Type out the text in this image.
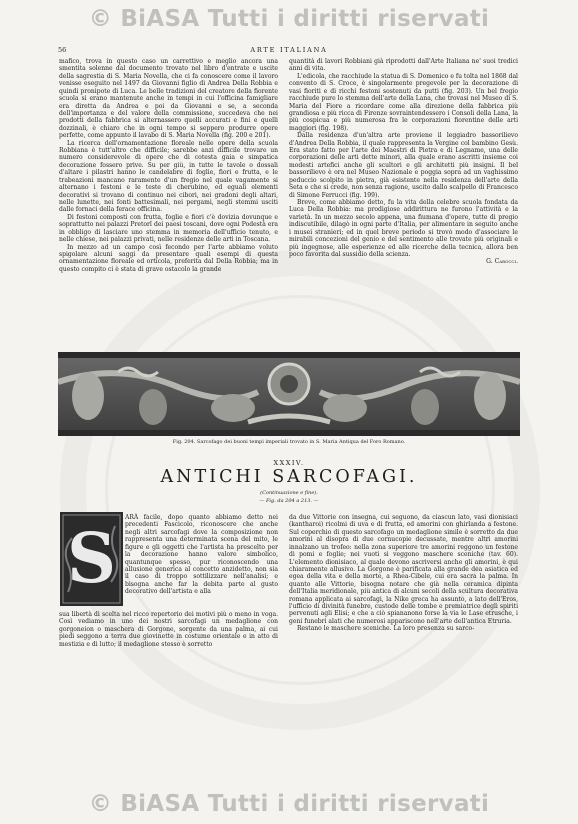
© BiASA Tutti i diritti riservati
56	ARTE ITALIANA

mafico, trova in questo caso un carrettivo e meglio ancora una smentita solenne dal documento trovato nel libro d'entrate e uscite della sagrestia di S. Maria Novella, che ci fa conoscere come il lavoro venisse eseguito nel 1497 da Giovanni figlio di Andrea Della Robbia e quindi pronipote di Luca. Le belle tradizioni del creatore della fiorente scuola si erano mantenute anche in tempi in cui l'officina famigliare era diretta da Andrea e poi da Giovanni e se, a seconda dell'importanza e del valore della commissione, succedeva che nei prodotti della fabbrica si alternassero quelli accurati e fini e quelli dozzinali, è chiaro che in ogni tempo si seppero produrre opere perfette, come appunto il lavabo di S. Maria Novella (fig. 200 e 201).

La ricerca dell'ornamentazione floreale nelle opere della scuola Robbiana è tutt'altro che difficile; sarebbe anzi difficile trovare un numero considerevole di opere che di cotesta gaia e simpatica decorazione fossero prive. Su per giù, in tutte le tavole o dossali d'altare i pilastri hanno le candelabre di foglie, fiori e frutta, e le trabeazioni mancano raramente d'un fregio nel quale vagamente si alternano i festoni e le teste di cherubino, ed eguali elementi decorativi si trovano di continuo nei cibori, nei gradoni degli altari, nelle lunette, nei fonti battesimali, nei pergami, negli stemmi usciti dalle fornaci della ferace officina.

Di festoni composti con frutta, foglie e fiori c'è dovizia dovunque e soprattutto nei palazzi Pretorî dei paesi toscani, dove ogni Podestà era in obbligo di lasciare uno stemma in memoria dell'ufficio tenuto, e nelle chiese, nei palazzi privati, nelle residenze delle arti in Toscana.

In mezzo ad un campo così fecondo per l'arte abbiamo voluto spigolare alcuni saggi da presentare quali esempi di questa ornamentazione floreale ed ortícola, preferita dal Della Robbia; ma in questo compito ci è stata di grave ostacolo la grande

quantità di lavori Robbiani già riprodotti dall'Arte Italiana ne' suoi tredici anni di vita.

L'edicola, che racchiude la statua di S. Domenico e fu tolta nel 1868 dal convento di S. Croce, è singolarmente pregevole per la decorazione di vasi fioriti e di ricchi festoni sostenuti da putti (fig. 203). Un bel fregio racchiude pure lo stemma dell'arte della Lana, che trovasi nel Museo di S. Maria del Fiore a ricordare come alla direzione della fabbrica più grandiosa e più ricca di Firenze sovraintendessero i Consoli della Lana, la più cospicua e più numerosa fra le corporazioni fiorentine delle arti maggiori (fig. 198).

Dalla residenza d'un'altra arte proviene il leggiadro bassorilievo d'Andrea Della Robbia, il quale rappresenta la Vergine col bambino Gesù. Era stato fatto per l'arte dei Maestri di Pietra e di Legname, una delle corporazioni delle arti dette minori, alla quale erano ascritti insieme coi modesti artefici anche gli scultori e gli architetti più insigni. Il bel bassorilievo è ora nel Museo Nazionale e poggia sopra ad un vaghissimo peduccio scolpito in pietra, già esistente nella residenza dell'arte della Seta e che si crede, non senza ragione, uscito dallo scalpello di Francesco di Simone Ferrucci (fig. 199).

Breve, come abbiamo detto, fu la vita della celebre scuola fondata da Luca Della Robbia: ma prodigiose addirittura ne furono l'attività e la varietà. In un mezzo secolo appena, una fiumana d'opere, tutte di pregio indiscutibile, dilagò in ogni parte d'Italia, per alimentare in seguito anche i musei stranieri; ed in quel breve periodo si trovò modo d'associare le mirabili concezioni del genio e del sentimento alle trovate più originali e più ingegnose, alle esperienze ed alle ricerche della tecnica, allora ben poco favorita dal sussidio della scienza.

G. Carocci.
Fig. 204. Sarcofago dei buoni tempi imperiali trovato in S. Maria Antiqua del Foro Romano.
XXXIV.
ANTICHI SARCOFAGI.
(Continuazione e fine).
— Fig. da 204 a 213. —
S

ARÀ facile, dopo quanto abbiamo detto nei precedenti Fascicolo, riconoscere che anche negli altri sarcofagi dove la composizione non rappresenta una determinata scena del mito, le figure e gli oggetti che l'artista ha prescelto per la decorazione hanno valore simbolico, quantunque spesso, pur riconoscendo una allusione generica al concetto anzidetto, non sia il caso di troppo sottilizzare nell'analisi; e bisogna anche far la debita parte al gusto decorativo dell'artista e alla

sua libertà di scelta nel ricco repertorio dei motivi più o meno in voga. Così vediamo in uno dei nostri sarcofagi un medaglione con gorgoneion o maschera di Gorgone, sorgente da una palma, ai cui piedi seggono a terra due giovinette in costume orientale e in atto di mestizia e di lutto; il medaglione stesso è sorretto

da due Vittorie con insegna, cui seguono, da ciascun lato, vasi dionisiaci (kantharoi) ricolmi di uva e di frutta, ed amorini con ghirlanda a festone. Sul coperchio di questo sarcofago un medaglione simile è sorretto da due amorini al disopra di due cornucopie decussate, mentre altri amorini innalzano un trofeo: nella zona superiore tre amorini reggono un festone di pomi e foglie; nei vuoti si veggono maschere sceniche (tav. 60). L'elemento dionisiaco, al quale devono ascriversi anche gli amorini, è qui chiaramente allusivo. La Gorgone è parificata alla grande dea asiatica ed egea della vita e della morte, a Rhea-Cibele, cui era sacra la palma. In quanto alle Vittorie, bisogna notare che già nella ceramica dipinta dell'Italia meridionale, più antica di alcuni secoli della scultura decorativa romana applicata ai sarcofagi, la Nike greca ha assunto, a lato dell'Eros, l'ufficio di divinità funebre, custode delle tombe e premiatrice degli spiriti pervenuti agli Elisi; e che a ciò spiananono forse la via le Lase etrusche, i geni funebri alati che numerosi appariscono nell'arte dell'antica Etruria.

Restano le maschere sceniche. La loro presenza su sarco-

© BiASA Tutti i diritti riservati
